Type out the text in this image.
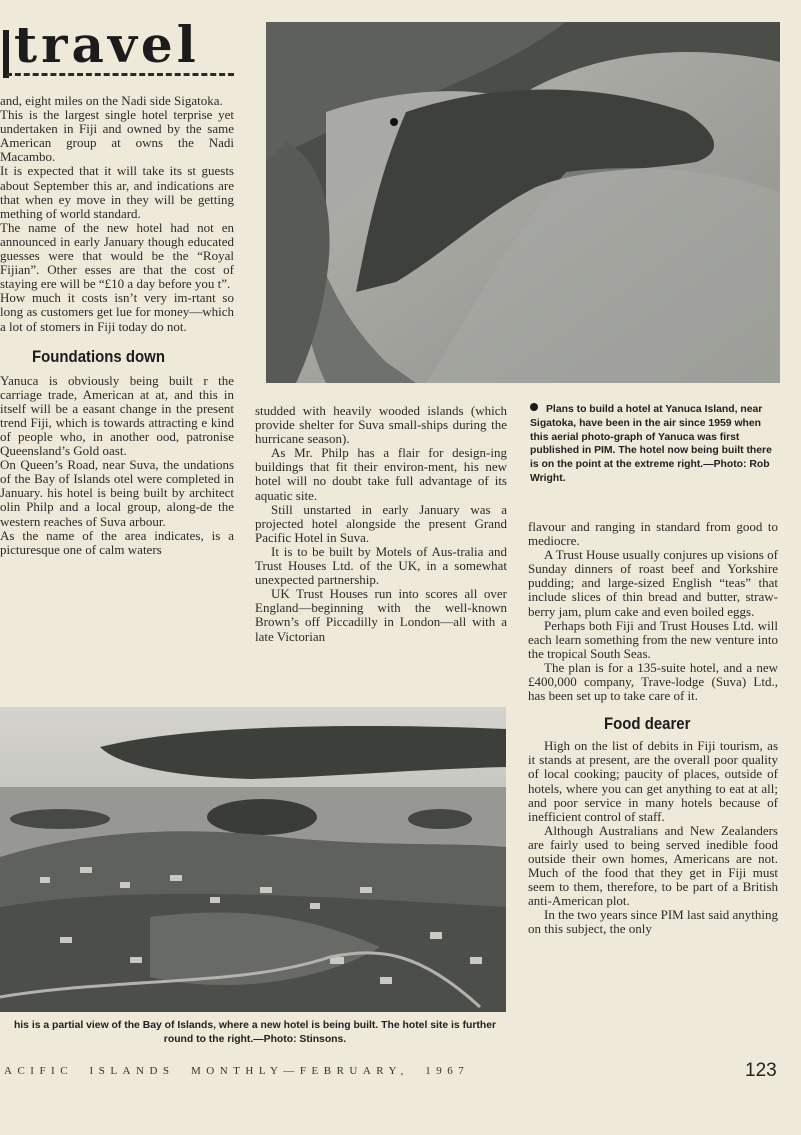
travel

and, eight miles on the Nadi side Sigatoka.

This is the largest single hotel terprise yet undertaken in Fiji and owned by the same American group at owns the Nadi Macambo.

It is expected that it will take its st guests about September this ar, and indications are that when ey move in they will be getting mething of world standard.

The name of the new hotel had not en announced in early January though educated guesses were that would be the “Royal Fijian”. Other esses are that the cost of staying ere will be “£10 a day before you t”.

How much it costs isn’t very im-rtant so long as customers get lue for money—which a lot of stomers in Fiji today do not.

Foundations down

Yanuca is obviously being built r the carriage trade, American at at, and this in itself will be a easant change in the present trend Fiji, which is towards attracting e kind of people who, in another ood, patronise Queensland’s Gold oast.

On Queen’s Road, near Suva, the undations of the Bay of Islands otel were completed in January. his hotel is being built by architect olin Philp and a local group, along-de the western reaches of Suva arbour.

As the name of the area indicates, is a picturesque one of calm waters

studded with heavily wooded islands (which provide shelter for Suva small-ships during the hurricane season).

As Mr. Philp has a flair for design-ing buildings that fit their environ-ment, his new hotel will no doubt take full advantage of its aquatic site.

Still unstarted in early January was a projected hotel alongside the present Grand Pacific Hotel in Suva.

It is to be built by Motels of Aus-tralia and Trust Houses Ltd. of the UK, in a somewhat unexpected partnership.

UK Trust Houses run into scores all over England—beginning with the well-known Brown’s off Piccadilly in London—all with a late Victorian

Plans to build a hotel at Yanuca Island, near Sigatoka, have been in the air since 1959 when this aerial photo-graph of Yanuca was first published in PIM. The hotel now being built there is on the point at the extreme right.—Photo: Rob Wright.

flavour and ranging in standard from good to mediocre.

A Trust House usually conjures up visions of Sunday dinners of roast beef and Yorkshire pudding; and large-sized English “teas” that include slices of thin bread and butter, straw-berry jam, plum cake and even boiled eggs.

Perhaps both Fiji and Trust Houses Ltd. will each learn something from the new venture into the tropical South Seas.

The plan is for a 135-suite hotel, and a new £400,000 company, Trave-lodge (Suva) Ltd., has been set up to take care of it.

Food dearer

High on the list of debits in Fiji tourism, as it stands at present, are the overall poor quality of local cooking; paucity of places, outside of hotels, where you can get anything to eat at all; and poor service in many hotels because of inefficient control of staff.

Although Australians and New Zealanders are fairly used to being served inedible food outside their own homes, Americans are not. Much of the food that they get in Fiji must seem to them, therefore, to be part of a British anti-American plot.

In the two years since PIM last said anything on this subject, the only

his is a partial view of the Bay of Islands, where a new hotel is being built. The hotel site is further round to the right.—Photo: Stinsons.
ACIFIC  ISLANDS  MONTHLY—FEBRUARY,  1967	123
